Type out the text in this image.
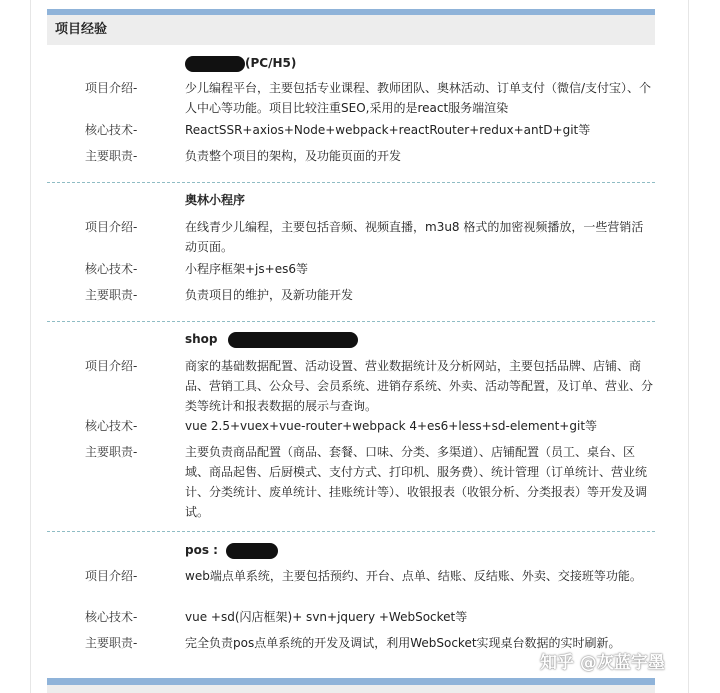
项目经验
(PC/H5)
项目介绍-	少儿编程平台，主要包括专业课程、教师团队、奥林活动、订单支付（微信/支付宝）、个人中心等功能。项目比较注重SEO,采用的是react服务端渲染
核心技术-	ReactSSR+axios+Node+webpack+reactRouter+redux+antD+git等
主要职责-	负责整个项目的架构，及功能页面的开发
奥林小程序
项目介绍-	在线青少儿编程，主要包括音频、视频直播，m3u8 格式的加密视频播放，一些营销活动页面。
核心技术-	小程序框架+js+es6等
主要职责-	负责项目的维护，及新功能开发
shop
项目介绍-	商家的基础数据配置、活动设置、营业数据统计及分析网站，主要包括品牌、店铺、商品、营销工具、公众号、会员系统、进销存系统、外卖、活动等配置，及订单、营业、分类等统计和报表数据的展示与查询。
核心技术-	vue 2.5+vuex+vue-router+webpack 4+es6+less+sd-element+git等
主要职责-	主要负责商品配置（商品、套餐、口味、分类、多渠道）、店铺配置（员工、桌台、区域、商品起售、后厨模式、支付方式、打印机、服务费）、统计管理（订单统计、营业统计、分类统计、废单统计、挂账统计等）、收银报表（收银分析、分类报表）等开发及调试。
pos :
项目介绍-	web端点单系统，主要包括预约、开台、点单、结账、反结账、外卖、交接班等功能。
核心技术-	vue +sd(闪店框架)+ svn+jquery +WebSocket等
主要职责-	完全负责pos点单系统的开发及调试，利用WebSocket实现桌台数据的实时刷新。
知乎 @灰蓝宇墨
